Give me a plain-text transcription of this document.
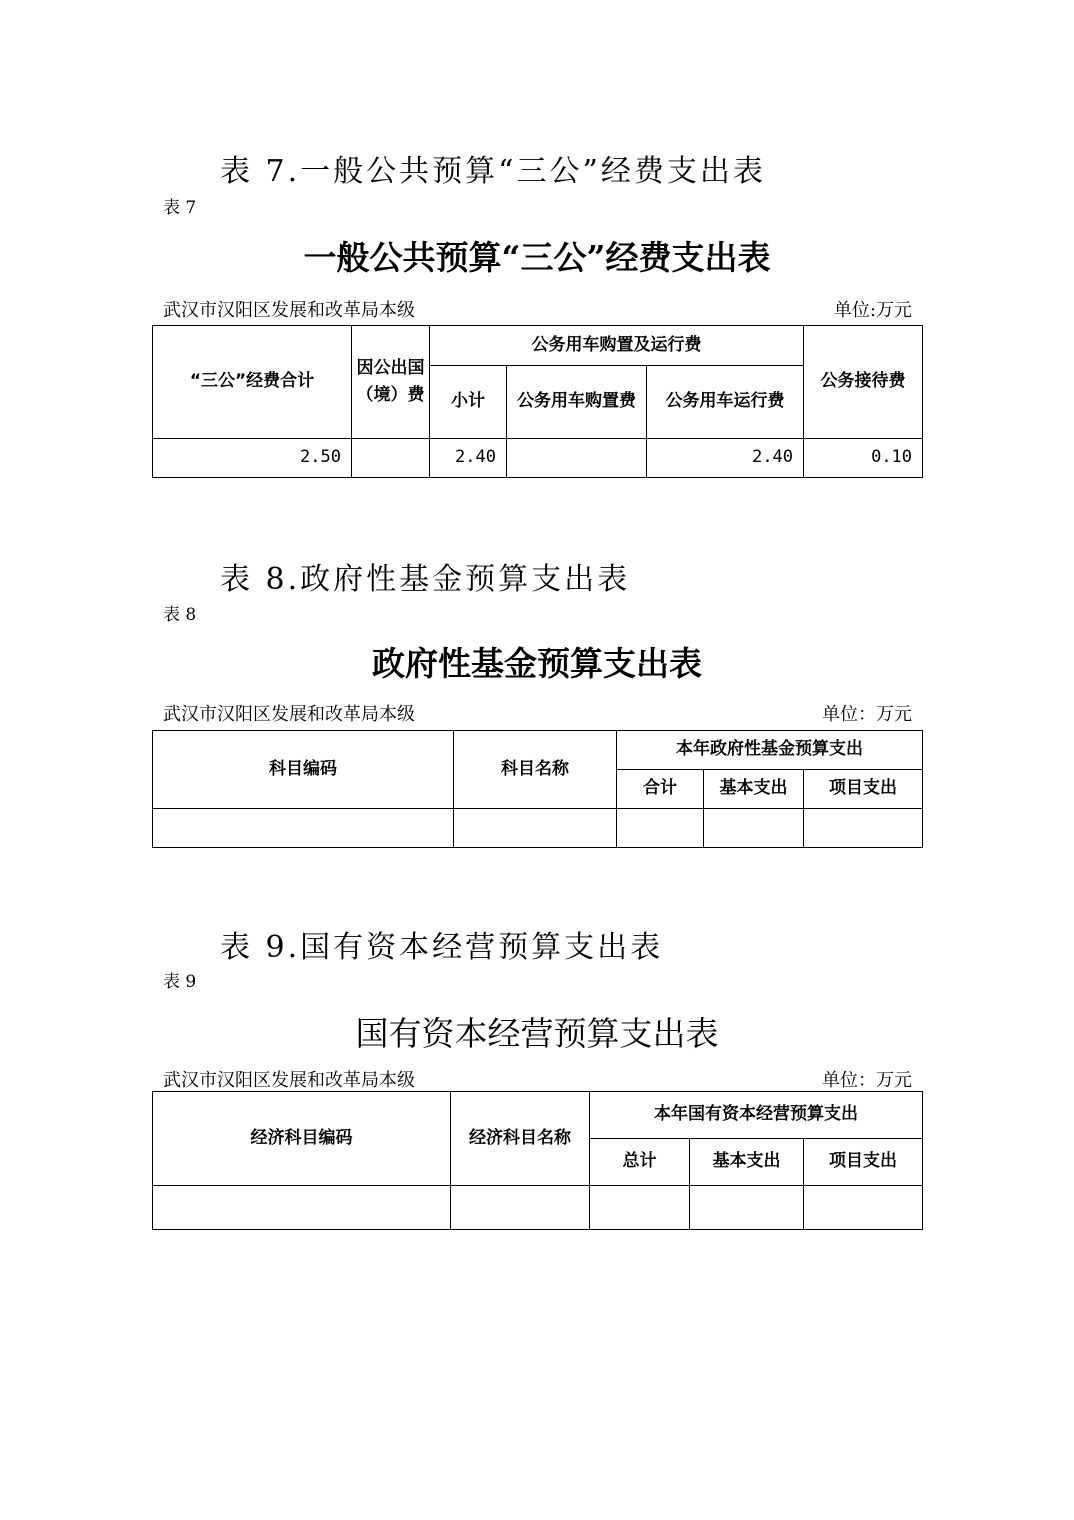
表 7.一般公共预算“三公”经费支出表
表 7
一般公共预算“三公”经费支出表
武汉市汉阳区发展和改革局本级	单位:万元
“三公”经费合计	因公出国（境）费	公务用车购置及运行费			公务接待费
		小计	公务用车购置费	公务用车运行费	
2.50		2.40		2.40	0.10
表 8.政府性基金预算支出表
表 8
政府性基金预算支出表
武汉市汉阳区发展和改革局本级	单位：万元
科目编码	科目名称	本年政府性基金预算支出		
		合计	基本支出	项目支出

表 9.国有资本经营预算支出表
表 9
国有资本经营预算支出表
武汉市汉阳区发展和改革局本级	单位：万元
经济科目编码	经济科目名称	本年国有资本经营预算支出		
		总计	基本支出	项目支出
